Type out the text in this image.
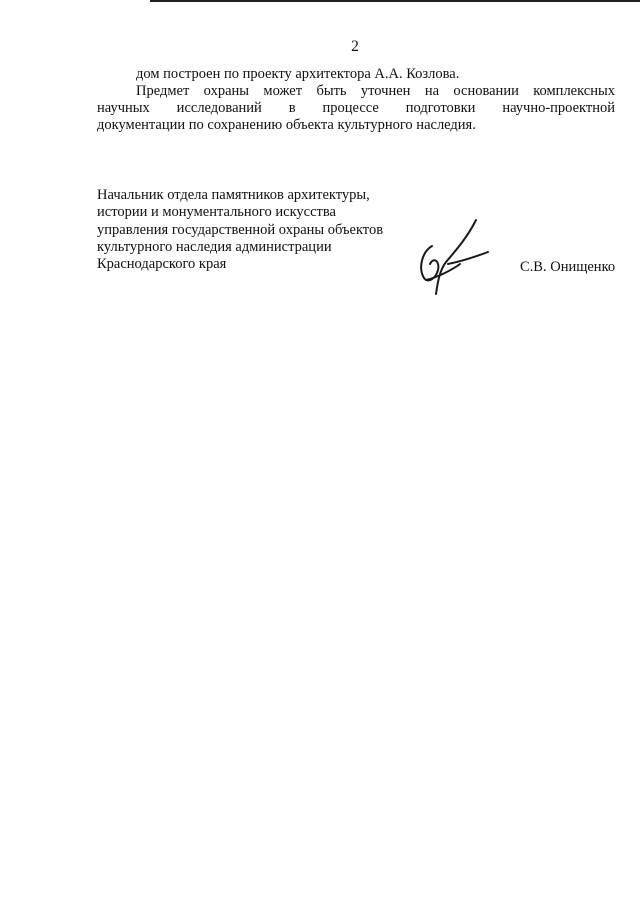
2
дом построен по проекту архитектора А.А. Козлова.
Предмет охраны может быть уточнен на основании комплексных
научных исследований в процессе подготовки научно-проектной
документации по сохранению объекта культурного наследия.
Начальник отдела памятников архитектуры,
истории и монументального искусства
управления государственной охраны объектов
культурного наследия администрации
Краснодарского края	С.В. Онищенко
